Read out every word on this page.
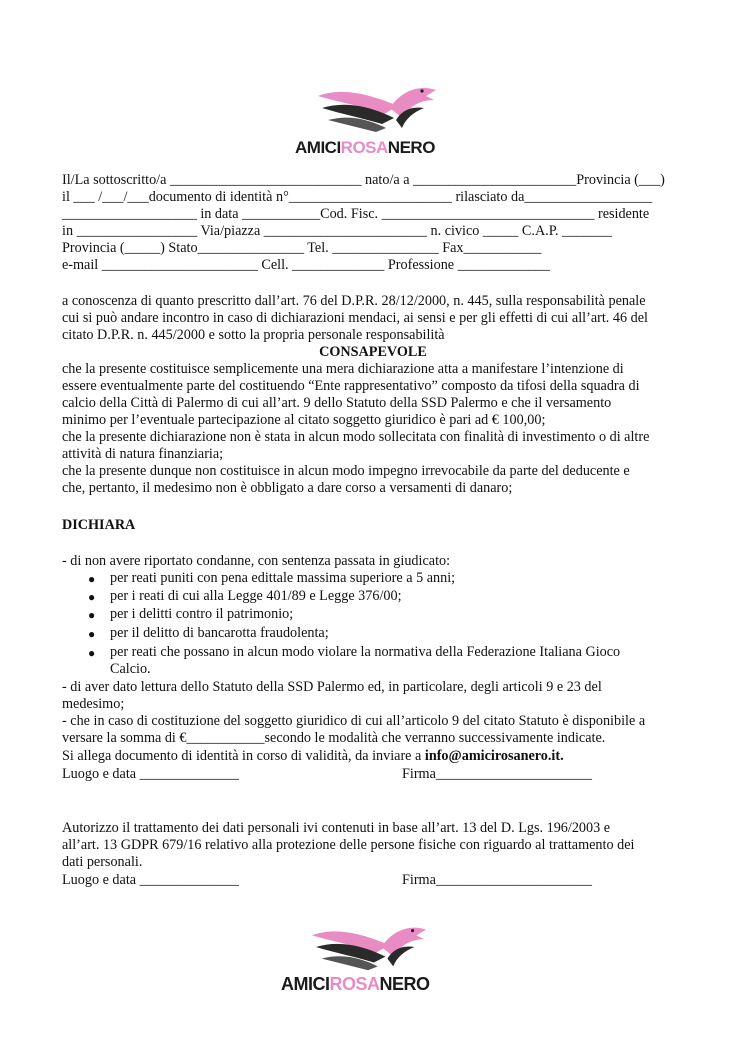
AMICIROSANERO
Il/La sottoscritto/a ___________________________ nato/a a _______________________Provincia (___)
il ___ /___/___documento di identità n°_______________________ rilasciato da__________________
___________________ in data ___________Cod. Fisc. ______________________________ residente
in _________________ Via/piazza _______________________ n. civico _____ C.A.P. _______
Provincia (_____) Stato_______________ Tel. _______________ Fax___________
e-mail ______________________ Cell. _____________ Professione _____________
a conoscenza di quanto prescritto dall’art. 76 del D.P.R. 28/12/2000, n. 445, sulla responsabilità penale
cui si può andare incontro in caso di dichiarazioni mendaci, ai sensi e per gli effetti di cui all’art. 46 del
citato D.P.R. n. 445/2000 e sotto la propria personale responsabilità
CONSAPEVOLE
che la presente costituisce semplicemente una mera dichiarazione atta a manifestare l’intenzione di
essere eventualmente parte del costituendo “Ente rappresentativo” composto da tifosi della squadra di
calcio della Città di Palermo di cui all’art. 9 dello Statuto della SSD Palermo e che il versamento
minimo per l’eventuale partecipazione al citato soggetto giuridico è pari ad € 100,00;
che la presente dichiarazione non è stata in alcun modo sollecitata con finalità di investimento o di altre
attività di natura finanziaria;
che la presente dunque non costituisce in alcun modo impegno irrevocabile da parte del deducente e
che, pertanto, il medesimo non è obbligato a dare corso a versamenti di danaro;
DICHIARA
- di non avere riportato condanne, con sentenza passata in giudicato:
● per reati puniti con pena edittale massima superiore a 5 anni;
● per i reati di cui alla Legge 401/89 e Legge 376/00;
● per i delitti contro il patrimonio;
● per il delitto di bancarotta fraudolenta;
● per reati che possano in alcun modo violare la normativa della Federazione Italiana Gioco
Calcio.
- di aver dato lettura dello Statuto della SSD Palermo ed, in particolare, degli articoli 9 e 23 del
medesimo;
- che in caso di costituzione del soggetto giuridico di cui all’articolo 9 del citato Statuto è disponibile a
versare la somma di €___________secondo le modalità che verranno successivamente indicate.
Si allega documento di identità in corso di validità, da inviare a info@amicirosanero.it.
Luogo e data ______________	Firma______________________
Autorizzo il trattamento dei dati personali ivi contenuti in base all’art. 13 del D. Lgs. 196/2003 e
all’art. 13 GDPR 679/16 relativo alla protezione delle persone fisiche con riguardo al trattamento dei
dati personali.
Luogo e data ______________	Firma______________________
AMICIROSANERO
